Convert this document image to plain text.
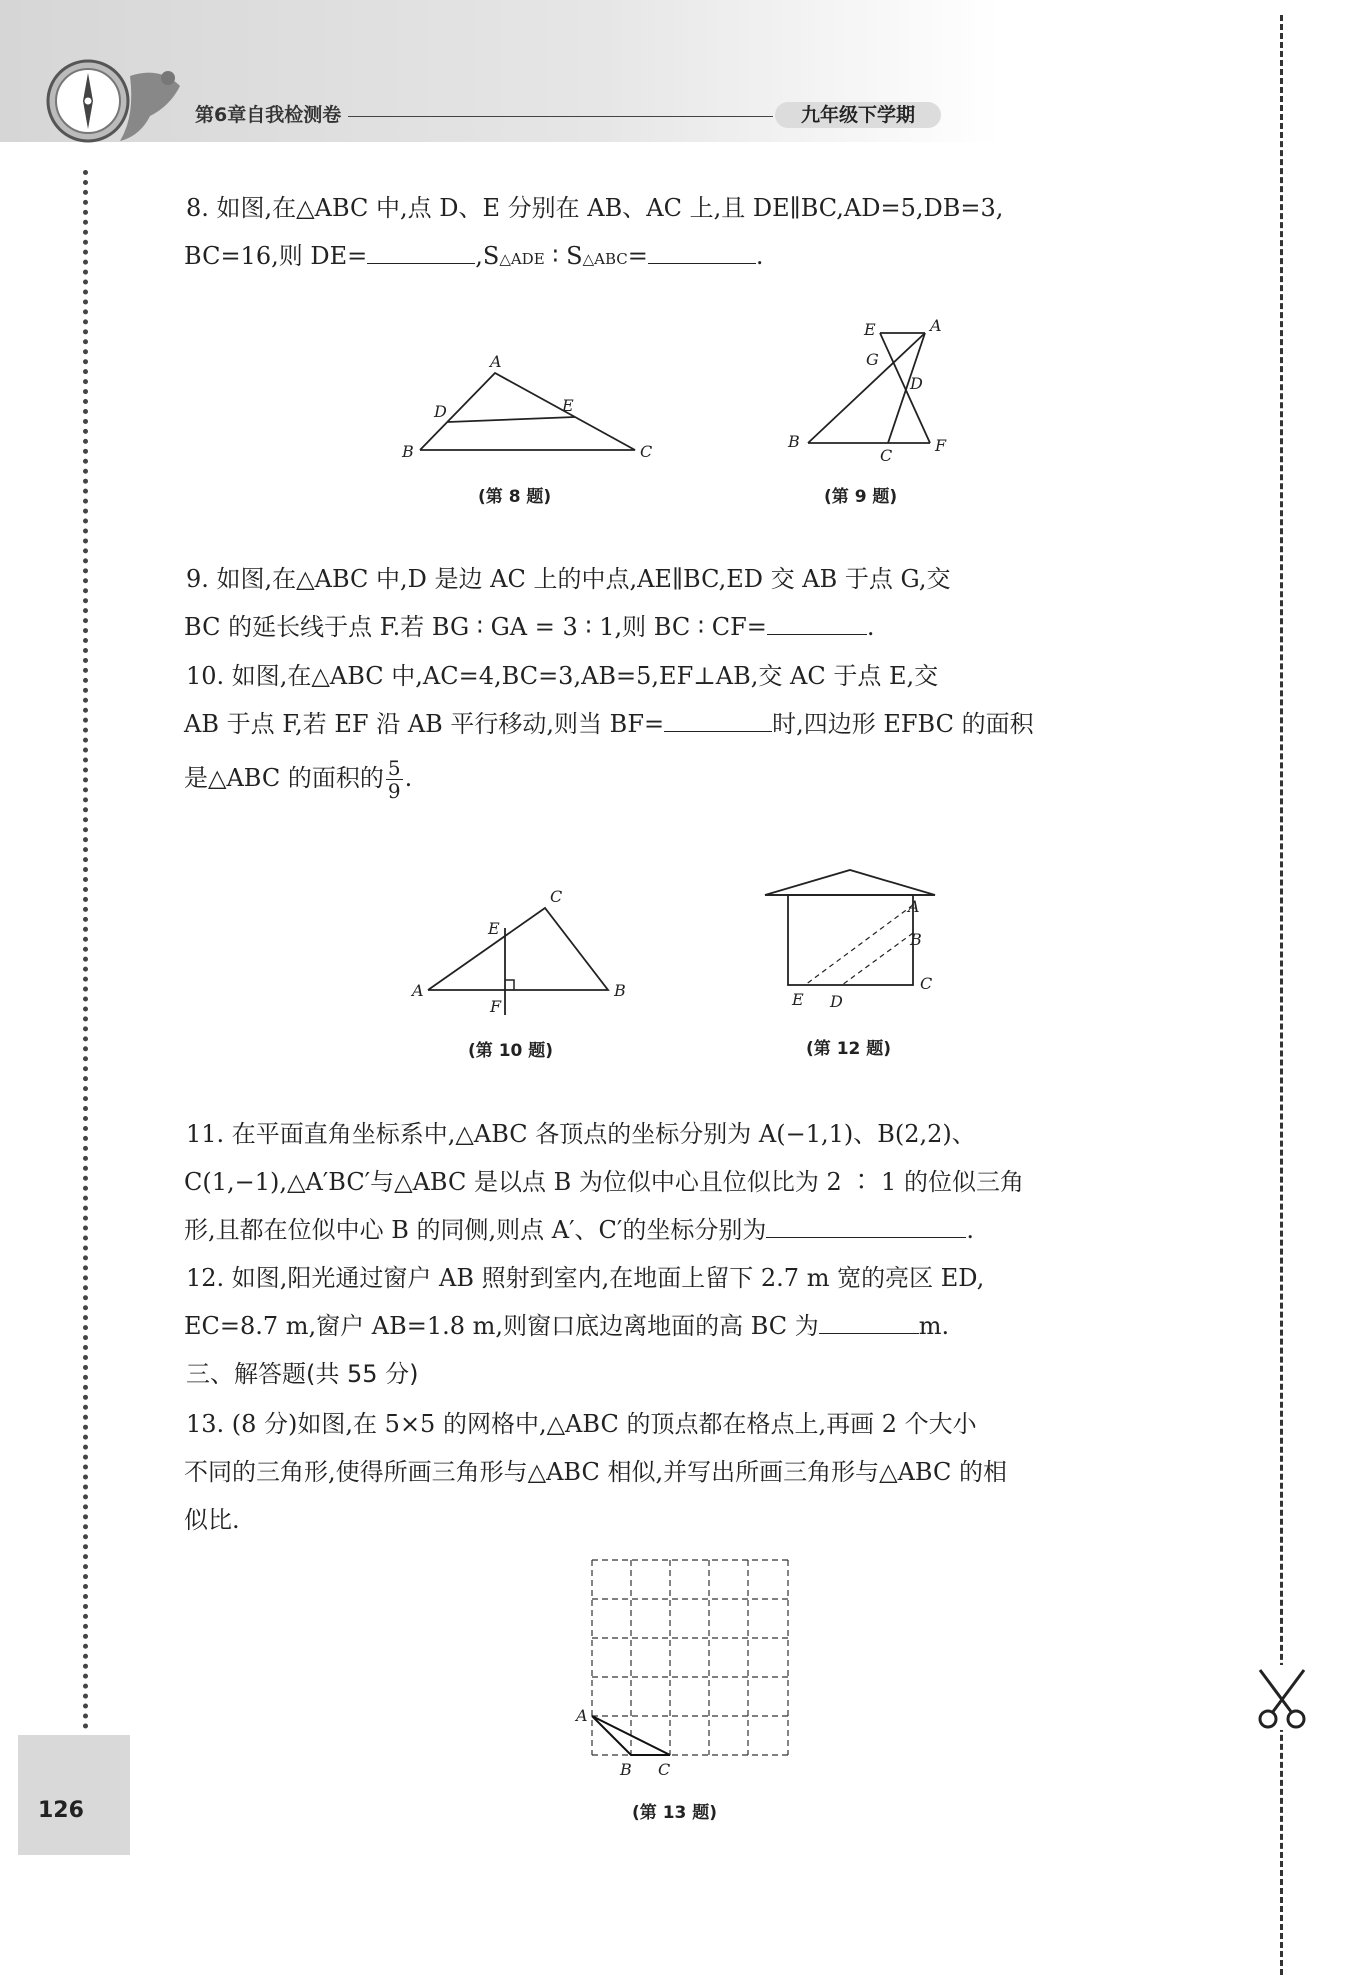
第6章自我检测卷	九年级下学期
126
8. 如图,在△ABC 中,点 D、E 分别在 AB、AC 上,且 DE∥BC,AD=5,DB=3,
BC=16,则 DE=	,S△ADE ∶ S△ABC=	.
A
B	C
D	E
(第 8 题)
E	A
G
D
B
C
F
(第 9 题)
9. 如图,在△ABC 中,D 是边 AC 上的中点,AE∥BC,ED 交 AB 于点 G,交
BC 的延长线于点 F.若 BG ∶ GA = 3 ∶ 1,则 BC ∶ CF=	.
10. 如图,在△ABC 中,AC=4,BC=3,AB=5,EF⊥AB,交 AC 于点 E,交
AB 于点 F,若 EF 沿 AB 平行移动,则当 BF=	时,四边形 EFBC 的面积
是△ABC 的面积的 $\frac{5}{9}$ .
C
E
A
F
B
(第 10 题)
A
B
C
E D
(第 12 题)
11. 在平面直角坐标系中,△ABC 各顶点的坐标分别为 A(−1,1)、B(2,2)、
C(1,−1),△A′BC′与△ABC 是以点 B 为位似中心且位似比为 2 ∶ 1 的位似三角
形,且都在位似中心 B 的同侧,则点 A′、C′的坐标分别为	.
12. 如图,阳光通过窗户 AB 照射到室内,在地面上留下 2.7 m 宽的亮区 ED,
EC=8.7 m,窗户 AB=1.8 m,则窗口底边离地面的高 BC 为	m.
三、解答题(共 55 分)
13. (8 分)如图,在 5×5 的网格中,△ABC 的顶点都在格点上,再画 2 个大小
不同的三角形,使得所画三角形与△ABC 相似,并写出所画三角形与△ABC 的相
似比.
A
B C
(第 13 题)
